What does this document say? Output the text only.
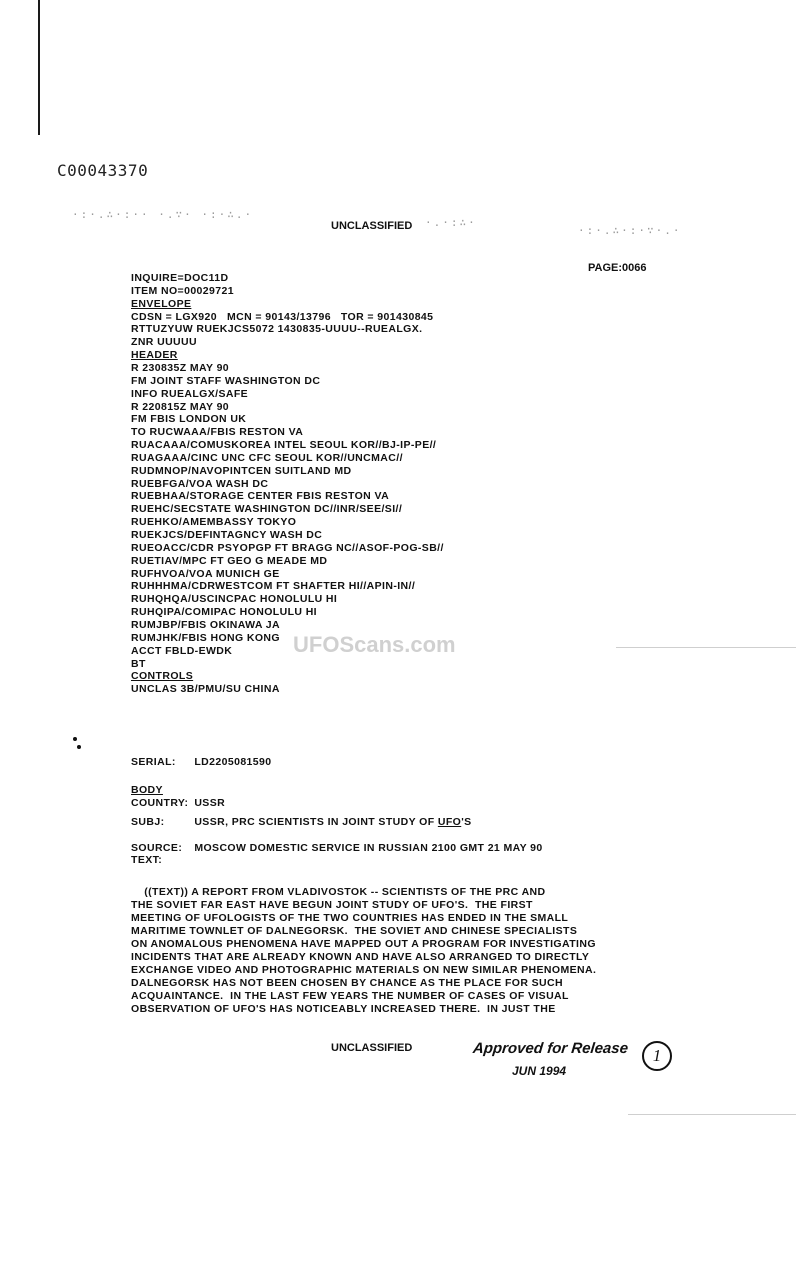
C00043370
·:·.∴·:·· ·.∵· ·:·∴.·
·.·:∴·
·:·.∴·:·∵·.·
UNCLASSIFIED
PAGE:0066
INQUIRE=DOC11D
ITEM NO=00029721
ENVELOPE
CDSN = LGX920   MCN = 90143/13796   TOR = 901430845
RTTUZYUW RUEKJCS5072 1430835-UUUU--RUEALGX.
ZNR UUUUU
HEADER
R 230835Z MAY 90
FM JOINT STAFF WASHINGTON DC
INFO RUEALGX/SAFE
R 220815Z MAY 90
FM FBIS LONDON UK
TO RUCWAAA/FBIS RESTON VA
RUACAAA/COMUSKOREA INTEL SEOUL KOR//BJ-IP-PE//
RUAGAAA/CINC UNC CFC SEOUL KOR//UNCMAC//
RUDMNOP/NAVOPINTCEN SUITLAND MD
RUEBFGA/VOA WASH DC
RUEBHAA/STORAGE CENTER FBIS RESTON VA
RUEHC/SECSTATE WASHINGTON DC//INR/SEE/SI//
RUEHKO/AMEMBASSY TOKYO
RUEKJCS/DEFINTAGNCY WASH DC
RUEOACC/CDR PSYOPGP FT BRAGG NC//ASOF-POG-SB//
RUETIAV/MPC FT GEO G MEADE MD
RUFHVOA/VOA MUNICH GE
RUHHHMA/CDRWESTCOM FT SHAFTER HI//APIN-IN//
RUHQHQA/USCINCPAC HONOLULU HI
RUHQIPA/COMIPAC HONOLULU HI
RUMJBP/FBIS OKINAWA JA
RUMJHK/FBIS HONG KONG
ACCT FBLD-EWDK
BT
CONTROLS
UNCLAS 3B/PMU/SU CHINA
SERIAL: LD2205081590
BODY
COUNTRY: USSR
SUBJ:	USSR, PRC SCIENTISTS IN JOINT STUDY OF UFO'S
SOURCE: MOSCOW DOMESTIC SERVICE IN RUSSIAN 2100 GMT 21 MAY 90
TEXT:
((TEXT)) A REPORT FROM VLADIVOSTOK -- SCIENTISTS OF THE PRC AND
THE SOVIET FAR EAST HAVE BEGUN JOINT STUDY OF UFO'S.  THE FIRST
MEETING OF UFOLOGISTS OF THE TWO COUNTRIES HAS ENDED IN THE SMALL
MARITIME TOWNLET OF DALNEGORSK.  THE SOVIET AND CHINESE SPECIALISTS
ON ANOMALOUS PHENOMENA HAVE MAPPED OUT A PROGRAM FOR INVESTIGATING
INCIDENTS THAT ARE ALREADY KNOWN AND HAVE ALSO ARRANGED TO DIRECTLY
EXCHANGE VIDEO AND PHOTOGRAPHIC MATERIALS ON NEW SIMILAR PHENOMENA.
DALNEGORSK HAS NOT BEEN CHOSEN BY CHANCE AS THE PLACE FOR SUCH
ACQUAINTANCE.  IN THE LAST FEW YEARS THE NUMBER OF CASES OF VISUAL
OBSERVATION OF UFO'S HAS NOTICEABLY INCREASED THERE.  IN JUST THE
UNCLASSIFIED	Approved for Release
JUN 1994
1
UFOScans.com
